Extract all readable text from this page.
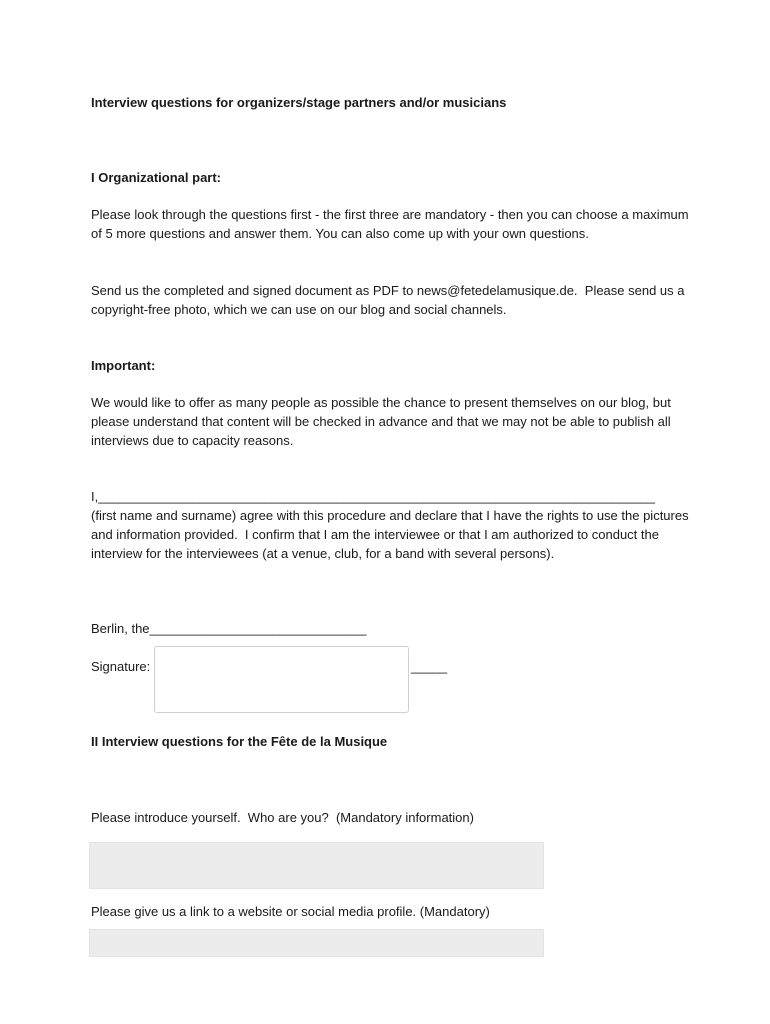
Interview questions for organizers/stage partners and/or musicians

I Organizational part:

Please look through the questions first - the first three are mandatory - then you can choose a maximum of 5 more questions and answer them. You can also come up with your own questions.

Send us the completed and signed document as PDF to news@fetedelamusique.de.  Please send us a copyright-free photo, which we can use on our blog and social channels.

Important:

We would like to offer as many people as possible the chance to present themselves on our blog, but please understand that content will be checked in advance and that we may not be able to publish all interviews due to capacity reasons.

I,_____________________________________________________________________________

(first name and surname) agree with this procedure and declare that I have the rights to use the pictures and information provided.  I confirm that I am the interviewee or that I am authorized to conduct the interview for the interviewees (at a venue, club, for a band with several persons).

Berlin, the______________________________

Signature:	_____

II Interview questions for the Fête de la Musique

Please introduce yourself.  Who are you?  (Mandatory information)

Please give us a link to a website or social media profile. (Mandatory)
